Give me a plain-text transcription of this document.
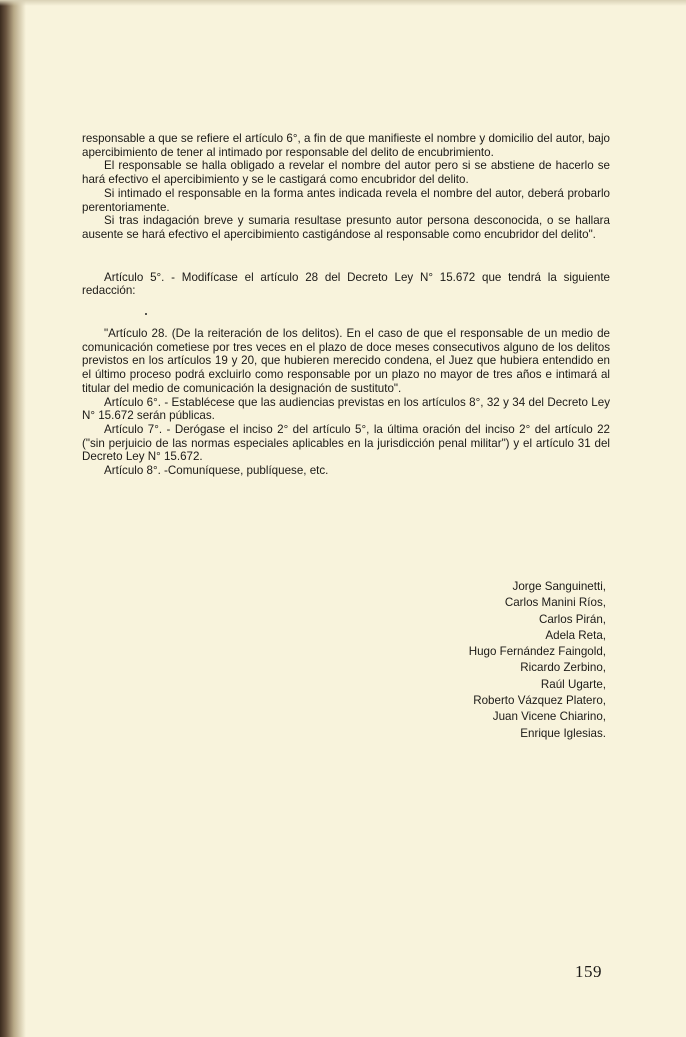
responsable a que se refiere el artículo 6°, a fin de que manifieste el nombre y domicilio del autor, bajo apercibimiento de tener al intimado por responsable del delito de encubrimiento.

El responsable se halla obligado a revelar el nombre del autor pero si se abstiene de hacerlo se hará efectivo el apercibimiento y se le castigará como encubridor del delito.

Si intimado el responsable en la forma antes indicada revela el nombre del autor, deberá probarlo perentoriamente.

Si tras indagación breve y sumaria resultase presunto autor persona desconocida, o se hallara ausente se hará efectivo el apercibimiento castigándose al responsable como encubridor del delito".

Artículo 5°. - Modifícase el artículo 28 del Decreto Ley N° 15.672 que tendrá la siguiente redacción:

"Artículo 28. (De la reiteración de los delitos). En el caso de que el responsable de un medio de comunicación cometiese por tres veces en el plazo de doce meses consecutivos alguno de los delitos previstos en los artículos 19 y 20, que hubieren merecido condena, el Juez que hubiera entendido en el último proceso podrá excluirlo como responsable por un plazo no mayor de tres años e intimará al titular del medio de comunicación la designación de sustituto".

Artículo 6°. - Establécese que las audiencias previstas en los artículos 8°, 32 y 34 del Decreto Ley N° 15.672 serán públicas.

Artículo 7°. - Derógase el inciso 2° del artículo 5°, la última oración del inciso 2° del artículo 22 ("sin perjuicio de las normas especiales aplicables en la jurisdicción penal militar") y el artículo 31 del Decreto Ley N° 15.672.

Artículo 8°. -Comuníquese, publíquese, etc.

Jorge Sanguinetti,
Carlos Manini Ríos,
Carlos Pirán,
Adela Reta,
Hugo Fernández Faingold,
Ricardo Zerbino,
Raúl Ugarte,
Roberto Vázquez Platero,
Juan Vicene Chiarino,
Enrique Iglesias.
159
